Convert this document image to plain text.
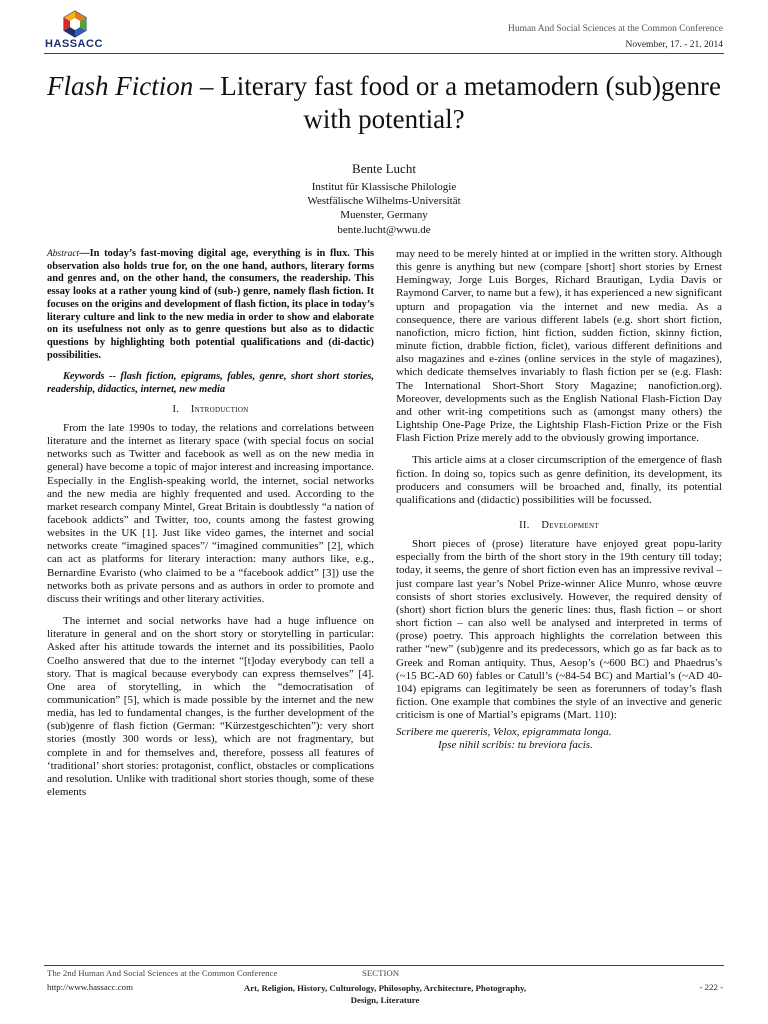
HASSACC
Human And Social Sciences at the Common Conference
November, 17. - 21. 2014
Flash Fiction – Literary fast food or a metamodern (sub)genre with potential?
Bente Lucht
Institut für Klassische Philologie
Westfälische Wilhelms-Universität
Muenster, Germany
bente.lucht@wwu.de

Abstract—In today’s fast-moving digital age, everything is in flux. This observation also holds true for, on the one hand, authors, literary forms and genres and, on the other hand, the consumers, the readership. This essay looks at a rather young kind of (sub-) genre, namely flash fiction. It focuses on the origins and development of flash fiction, its place in today’s literary culture and link to the new media in order to show and elaborate on its usefulness not only as to genre questions but also as to didactic questions by highlighting both potential qualifications and (di-dactic) possibilities.

Keywords -- flash fiction, epigrams, fables, genre, short short stories, readership, didactics, internet, new media

I. Introduction

From the late 1990s to today, the relations and correlations between literature and the internet as literary space (with special focus on social networks such as Twitter and facebook as well as on the new media in general) have become a topic of major interest and increasing importance. Especially in the English-speaking world, the internet, social networks and the new media are highly frequented and used. According to the market research company Mintel, Great Britain is doubtlessly “a nation of facebook addicts” and Twitter, too, counts among the fastest growing websites in the UK [1]. Just like video games, the internet and social networks create “imagined spaces”/ “imagined communities” [2], which can act as platforms for literary interaction: many authors like, e.g., Bernardine Evaristo (who claimed to be a “facebook addict” [3]) use the networks both as private persons and as authors in order to promote and discuss their writings and other literary activities.

The internet and social networks have had a huge influence on literature in general and on the short story or storytelling in particular: Asked after his attitude towards the internet and its possibilities, Paolo Coelho answered that due to the internet “[t]oday everybody can tell a story. That is magical because everybody can express themselves” [4]. One area of storytelling, in which the “democratisation of communication” [5], which is made possible by the internet and the new media, has led to fundamental changes, is the further development of the (sub)genre of flash fiction (German: “Kürzestgeschichten”): very short stories (mostly 300 words or less), which are not fragmentary, but complete in and for themselves and, therefore, possess all features of ‘traditional’ short stories: protagonist, conflict, obstacles or complications and resolution. Unlike with traditional short stories though, some of these elements

may need to be merely hinted at or implied in the written story. Although this genre is anything but new (compare [short] short stories by Ernest Hemingway, Jorge Luis Borges, Richard Brautigan, Lydia Davis or Raymond Carver, to name but a few), it has experienced a new significant upturn and propagation via the internet and new media. As a consequence, there are various different labels (e.g. short short fiction, nanofiction, micro fiction, hint fiction, sudden fiction, skinny fiction, minute fiction, drabble fiction, ficlet), various different definitions and also magazines and e-zines (online services in the style of magazines), which dedicate themselves invariably to flash fiction per se (e.g. Flash: The International Short-Short Story Magazine; nanofiction.org). Moreover, developments such as the English National Flash-Fiction Day and other writ-ing competitions such as (amongst many others) the Lightship One-Page Prize, the Lightship Flash-Fiction Prize or the Fish Flash Fiction Prize merely add to the obviously growing importance.

This article aims at a closer circumscription of the emergence of flash fiction. In doing so, topics such as genre definition, its development, its producers and consumers will be broached and, finally, its potential qualifications and (didactic) possibilities will be focussed.

II. Development

Short pieces of (prose) literature have enjoyed great popu-larity especially from the birth of the short story in the 19th century till today; today, it seems, the genre of short fiction even has an impressive revival – just compare last year’s Nobel Prize-winner Alice Munro, whose œuvre consists of short stories exclusively. However, the required density of (short) short fiction blurs the generic lines: thus, flash fiction – or short short fiction – can also well be analysed and interpreted in terms of (prose) poetry. This approach highlights the correlation between this rather “new” (sub)genre and its predecessors, which go as far back as to Greek and Roman antiquity. Thus, Aesop’s (~600 BC) and Phaedrus’s (~15 BC-AD 60) fables or Catull’s (~84-54 BC) and Martial’s (~AD 40-104) epigrams can legitimately be seen as forerunners of today’s flash fiction. One example that combines the style of an invective and generic criticism is one of Martial’s epigrams (Mart. 110):

Scribere me quereris, Velox, epigrammata longa.
Ipse nihil scribis: tu breviora facis.
The 2nd Human And Social Sciences at the Common Conference	SECTION
http://www.hassacc.com	Art, Religion, History, Culturology, Philosophy, Architecture, Photography, Design, Literature
- 222 -
